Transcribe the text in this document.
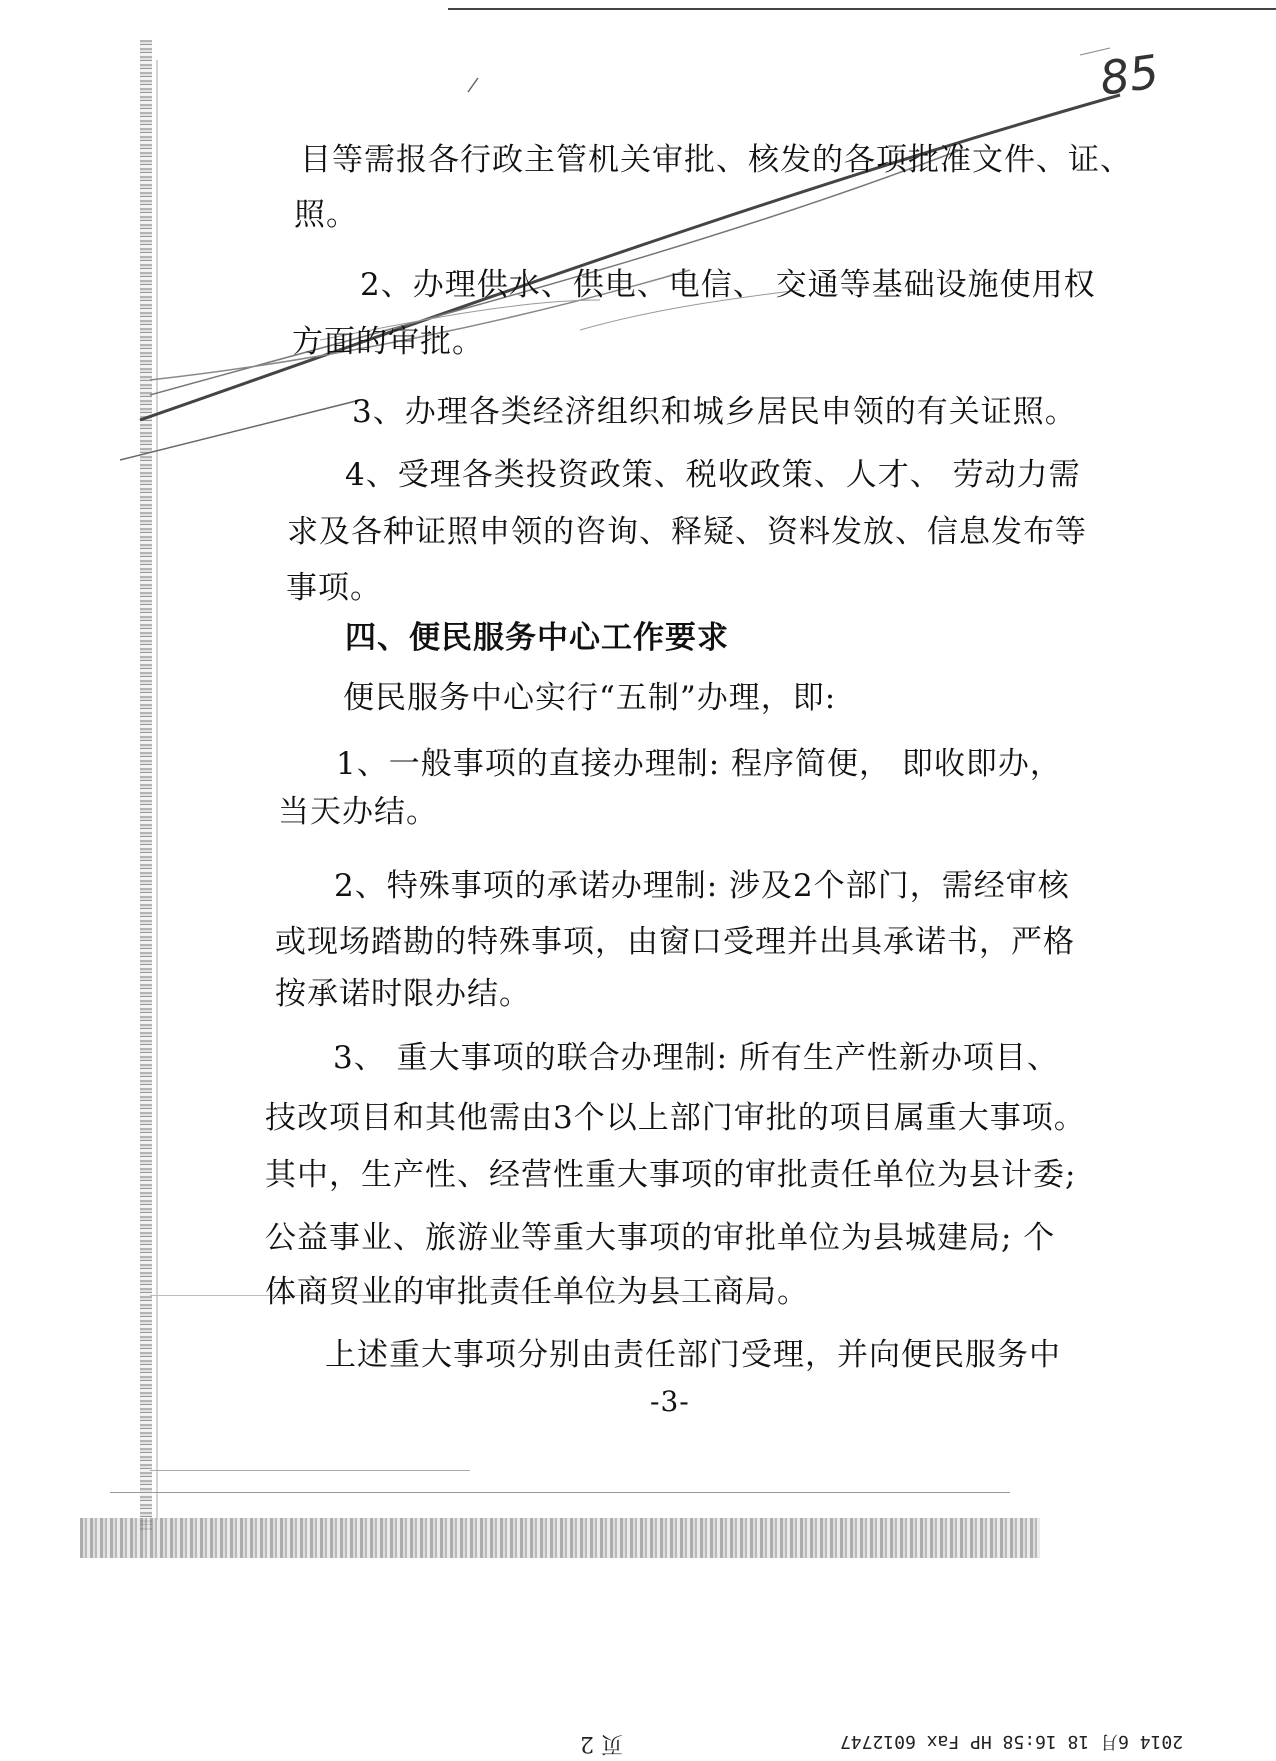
85
目等需报各行政主管机关审批、核发的各项批准文件、证、
照。
2、办理供水、供电、电信、 交通等基础设施使用权
方面的审批。
3、办理各类经济组织和城乡居民申领的有关证照。
4、受理各类投资政策、税收政策、人才、 劳动力需
求及各种证照申领的咨询、释疑、资料发放、信息发布等
事项。
四、便民服务中心工作要求
便民服务中心实行“五制”办理，即:
1、一般事项的直接办理制: 程序简便， 即收即办，
当天办结。
2、特殊事项的承诺办理制: 涉及2个部门，需经审核
或现场踏勘的特殊事项，由窗口受理并出具承诺书，严格
按承诺时限办结。
3、 重大事项的联合办理制: 所有生产性新办项目、
技改项目和其他需由3个以上部门审批的项目属重大事项。
其中，生产性、经营性重大事项的审批责任单位为县计委;
公益事业、旅游业等重大事项的审批单位为县城建局; 个
体商贸业的审批责任单位为县工商局。
上述重大事项分别由责任部门受理，并向便民服务中
-3-
页 2	2014 6月 18 16:58 HP Fax 6012747
